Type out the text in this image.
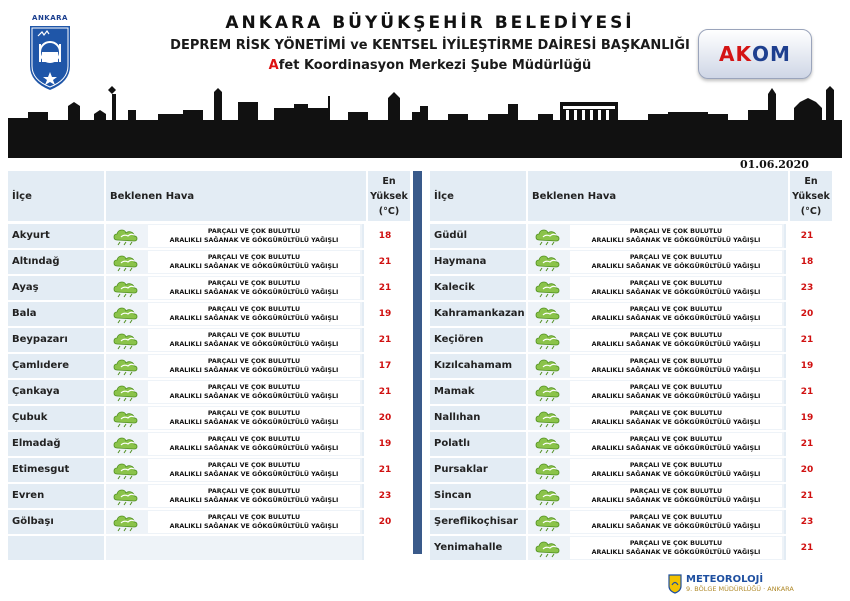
ANKARA	ANKARA BÜYÜKŞEHİR BELEDİYESİ
DEPREM RİSK YÖNETİMİ ve KENTSEL İYİLEŞTİRME DAİRESİ BAŞKANLIĞI
Afet Koordinasyon Merkezi Şube Müdürlüğü	AK O M
01.06.2020
İlçe	Beklenen Hava
En
Yüksek
(°C)
Akyurt	PARÇALI VE ÇOK BULUTLU
ARALIKLI SAĞANAK VE GÖKGÜRÜLTÜLÜ YAĞIŞLI	18
Altındağ	PARÇALI VE ÇOK BULUTLU
ARALIKLI SAĞANAK VE GÖKGÜRÜLTÜLÜ YAĞIŞLI	21
Ayaş	PARÇALI VE ÇOK BULUTLU
ARALIKLI SAĞANAK VE GÖKGÜRÜLTÜLÜ YAĞIŞLI	21
Bala	PARÇALI VE ÇOK BULUTLU
ARALIKLI SAĞANAK VE GÖKGÜRÜLTÜLÜ YAĞIŞLI	19
Beypazarı	PARÇALI VE ÇOK BULUTLU
ARALIKLI SAĞANAK VE GÖKGÜRÜLTÜLÜ YAĞIŞLI	21
Çamlıdere	PARÇALI VE ÇOK BULUTLU
ARALIKLI SAĞANAK VE GÖKGÜRÜLTÜLÜ YAĞIŞLI	17
Çankaya	PARÇALI VE ÇOK BULUTLU
ARALIKLI SAĞANAK VE GÖKGÜRÜLTÜLÜ YAĞIŞLI	21
Çubuk	PARÇALI VE ÇOK BULUTLU
ARALIKLI SAĞANAK VE GÖKGÜRÜLTÜLÜ YAĞIŞLI	20
Elmadağ	PARÇALI VE ÇOK BULUTLU
ARALIKLI SAĞANAK VE GÖKGÜRÜLTÜLÜ YAĞIŞLI	19
Etimesgut	PARÇALI VE ÇOK BULUTLU
ARALIKLI SAĞANAK VE GÖKGÜRÜLTÜLÜ YAĞIŞLI	21
Evren	PARÇALI VE ÇOK BULUTLU
ARALIKLI SAĞANAK VE GÖKGÜRÜLTÜLÜ YAĞIŞLI	23
Gölbaşı	PARÇALI VE ÇOK BULUTLU
ARALIKLI SAĞANAK VE GÖKGÜRÜLTÜLÜ YAĞIŞLI	20
İlçe	Beklenen Hava
En
Yüksek
(°C)
Güdül	PARÇALI VE ÇOK BULUTLU
ARALIKLI SAĞANAK VE GÖKGÜRÜLTÜLÜ YAĞIŞLI	21
Haymana	PARÇALI VE ÇOK BULUTLU
ARALIKLI SAĞANAK VE GÖKGÜRÜLTÜLÜ YAĞIŞLI	18
Kalecik	PARÇALI VE ÇOK BULUTLU
ARALIKLI SAĞANAK VE GÖKGÜRÜLTÜLÜ YAĞIŞLI	23
Kahramankazan	PARÇALI VE ÇOK BULUTLU
ARALIKLI SAĞANAK VE GÖKGÜRÜLTÜLÜ YAĞIŞLI	20
Keçiören	PARÇALI VE ÇOK BULUTLU
ARALIKLI SAĞANAK VE GÖKGÜRÜLTÜLÜ YAĞIŞLI	21
Kızılcahamam	PARÇALI VE ÇOK BULUTLU
ARALIKLI SAĞANAK VE GÖKGÜRÜLTÜLÜ YAĞIŞLI	19
Mamak	PARÇALI VE ÇOK BULUTLU
ARALIKLI SAĞANAK VE GÖKGÜRÜLTÜLÜ YAĞIŞLI	21
Nallıhan	PARÇALI VE ÇOK BULUTLU
ARALIKLI SAĞANAK VE GÖKGÜRÜLTÜLÜ YAĞIŞLI	19
Polatlı	PARÇALI VE ÇOK BULUTLU
ARALIKLI SAĞANAK VE GÖKGÜRÜLTÜLÜ YAĞIŞLI	21
Pursaklar	PARÇALI VE ÇOK BULUTLU
ARALIKLI SAĞANAK VE GÖKGÜRÜLTÜLÜ YAĞIŞLI	20
Sincan	PARÇALI VE ÇOK BULUTLU
ARALIKLI SAĞANAK VE GÖKGÜRÜLTÜLÜ YAĞIŞLI	21
Şereflikoçhisar	PARÇALI VE ÇOK BULUTLU
ARALIKLI SAĞANAK VE GÖKGÜRÜLTÜLÜ YAĞIŞLI	23
Yenimahalle	PARÇALI VE ÇOK BULUTLU
ARALIKLI SAĞANAK VE GÖKGÜRÜLTÜLÜ YAĞIŞLI	21
METEOROLOJİ
9. BÖLGE MÜDÜRLÜĞÜ · ANKARA
